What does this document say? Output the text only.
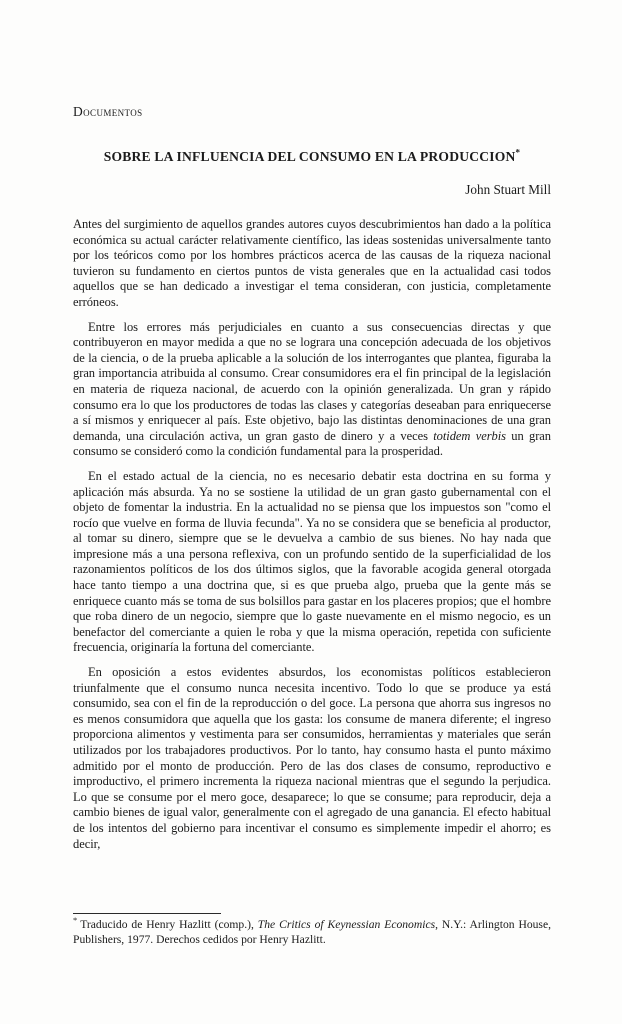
Documentos
SOBRE LA INFLUENCIA DEL CONSUMO EN LA PRODUCCION*
John Stuart Mill

Antes del surgimiento de aquellos grandes autores cuyos descubrimientos han dado a la política económica su actual carácter relativamente científico, las ideas sostenidas universalmente tanto por los teóricos como por los hombres prácticos acerca de las causas de la riqueza nacional tuvieron su fundamento en ciertos puntos de vista generales que en la actualidad casi todos aquellos que se han dedicado a investigar el tema consideran, con justicia, completamente erróneos.

Entre los errores más perjudiciales en cuanto a sus consecuencias directas y que contribuyeron en mayor medida a que no se lograra una concepción adecuada de los objetivos de la ciencia, o de la prueba aplicable a la solución de los interrogantes que plantea, figuraba la gran importancia atribuida al consumo. Crear consumidores era el fin principal de la legislación en materia de riqueza nacional, de acuerdo con la opinión generalizada. Un gran y rápido consumo era lo que los productores de todas las clases y categorías deseaban para enriquecerse a sí mismos y enriquecer al país. Este objetivo, bajo las distintas denominaciones de una gran demanda, una circulación activa, un gran gasto de dinero y a veces totidem verbis un gran consumo se consideró como la condición fundamental para la prosperidad.

En el estado actual de la ciencia, no es necesario debatir esta doctrina en su forma y aplicación más absurda. Ya no se sostiene la utilidad de un gran gasto gubernamental con el objeto de fomentar la industria. En la actualidad no se piensa que los impuestos son "como el rocío que vuelve en forma de lluvia fecunda". Ya no se considera que se beneficia al productor, al tomar su dinero, siempre que se le devuelva a cambio de sus bienes. No hay nada que impresione más a una persona reflexiva, con un profundo sentido de la superficialidad de los razonamientos políticos de los dos últimos siglos, que la favorable acogida general otorgada hace tanto tiempo a una doctrina que, si es que prueba algo, prueba que la gente más se enriquece cuanto más se toma de sus bolsillos para gastar en los placeres propios; que el hombre que roba dinero de un negocio, siempre que lo gaste nuevamente en el mismo negocio, es un benefactor del comerciante a quien le roba y que la misma operación, repetida con suficiente frecuencia, originaría la fortuna del comerciante.

En oposición a estos evidentes absurdos, los economistas políticos establecieron triunfalmente que el consumo nunca necesita incentivo. Todo lo que se produce ya está consumido, sea con el fin de la reproducción o del goce. La persona que ahorra sus ingresos no es menos consumidora que aquella que los gasta: los consume de manera diferente; el ingreso proporciona alimentos y vestimenta para ser consumidos, herramientas y materiales que serán utilizados por los trabajadores productivos. Por lo tanto, hay consumo hasta el punto máximo admitido por el monto de producción. Pero de las dos clases de consumo, reproductivo e improductivo, el primero incrementa la riqueza nacional mientras que el segundo la perjudica. Lo que se consume por el mero goce, desaparece; lo que se consume; para reproducir, deja a cambio bienes de igual valor, generalmente con el agregado de una ganancia. El efecto habitual de los intentos del gobierno para incentivar el consumo es simplemente impedir el ahorro; es decir,

* Traducido de Henry Hazlitt (comp.), The Critics of Keynessian Economics, N.Y.: Arlington House, Publishers, 1977. Derechos cedidos por Henry Hazlitt.
